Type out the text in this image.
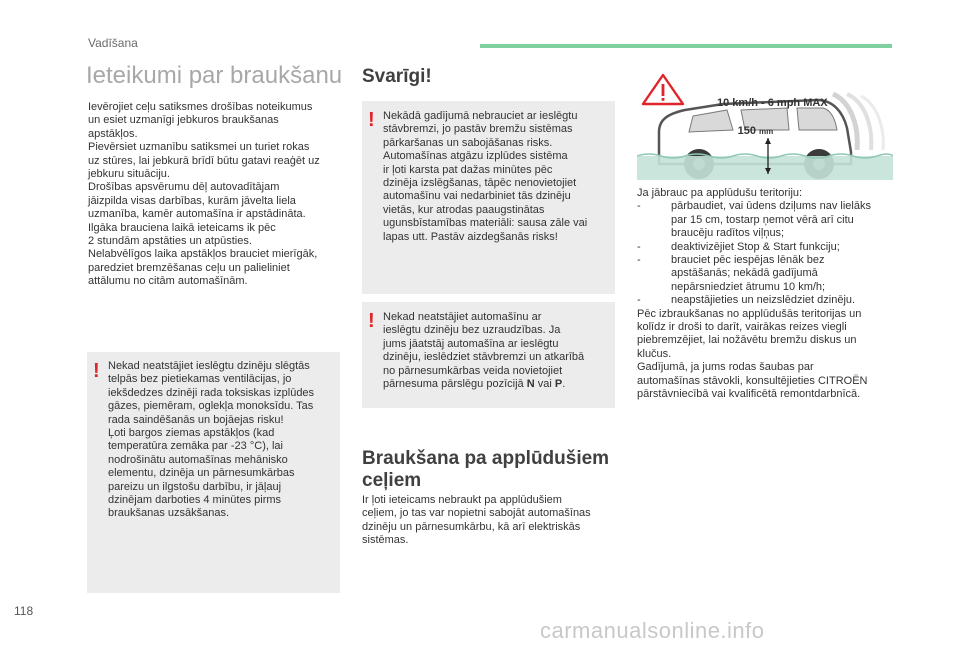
Vadīšana
Ieteikumi par braukšanu

Ievērojiet ceļu satiksmes drošības noteikumus
un esiet uzmanīgi jebkuros braukšanas
apstākļos.

Pievērsiet uzmanību satiksmei un turiet rokas
uz stūres, lai jebkurā brīdī būtu gatavi reaģēt uz
jebkuru situāciju.

Drošības apsvērumu dēļ autovadītājam
jāizpilda visas darbības, kurām jāvelta liela
uzmanība, kamēr automašīna ir apstādināta.

Ilgāka brauciena laikā ieteicams ik pēc
2 stundām apstāties un atpūsties.

Nelabvēlīgos laika apstākļos brauciet mierīgāk,
paredziet bremzēšanas ceļu un palieliniet
attālumu no citām automašīnām.

! Nekad neatstājiet ieslēgtu dzinēju slēgtās
telpās bez pietiekamas ventilācijas, jo
iekšdedzes dzinēji rada toksiskas izplūdes
gāzes, piemēram, oglekļa monoksīdu. Tas
rada saindēšanās un bojāejas risku!
Ļoti bargos ziemas apstākļos (kad
temperatūra zemāka par -23 °C), lai
nodrošinātu automašīnas mehānisko
elementu, dzinēja un pārnesumkārbas
pareizu un ilgstošu darbību, ir jāļauj
dzinējam darboties 4 minūtes pirms
braukšanas uzsākšanas.

Svarīgi!
! Nekādā gadījumā nebrauciet ar ieslēgtu
stāvbremzi, jo pastāv bremžu sistēmas
pārkaršanas un sabojāšanas risks.
Automašīnas atgāzu izplūdes sistēma
ir ļoti karsta pat dažas minūtes pēc
dzinēja izslēgšanas, tāpēc nenovietojiet
automašīnu vai nedarbiniet tās dzinēju
vietās, kur atrodas paaugstinātas
ugunsbīstamības materiāli: sausa zāle vai
lapas utt. Pastāv aizdegšanās risks!

! Nekad neatstājiet automašīnu ar
ieslēgtu dzinēju bez uzraudzības. Ja
jums jāatstāj automašīna ar ieslēgtu
dzinēju, ieslēdziet stāvbremzi un atkarībā
no pārnesumkārbas veida novietojiet
pārnesuma pārslēgu pozīcijā N vai P.

Braukšana pa applūdušiem
ceļiem

Ir ļoti ieteicams nebraukt pa applūdušiem
ceļiem, jo tas var nopietni sabojāt automašīnas
dzinēju un pārnesumkārbu, kā arī elektriskās
sistēmas.

10 km/h - 6 mph MAX
150 mm

Ja jābrauc pa applūdušu teritoriju:

-	pārbaudiet, vai ūdens dziļums nav lielāks
par 15 cm, tostarp ņemot vērā arī citu
braucēju radītos viļņus;
-	deaktivizējiet Stop & Start funkciju;
-	brauciet pēc iespējas lēnāk bez
apstāšanās; nekādā gadījumā
nepārsniedziet ātrumu 10 km/h;
-	neapstājieties un neizslēdziet dzinēju.

Pēc izbraukšanas no applūdušās teritorijas un
kolīdz ir droši to darīt, vairākas reizes viegli
piebremzējiet, lai nožāvētu bremžu diskus un
klučus.

Gadījumā, ja jums rodas šaubas par
automašīnas stāvokli, konsultējieties CITROËN
pārstāvniecībā vai kvalificētā remontdarbnīcā.

118
carmanualsonline.info
